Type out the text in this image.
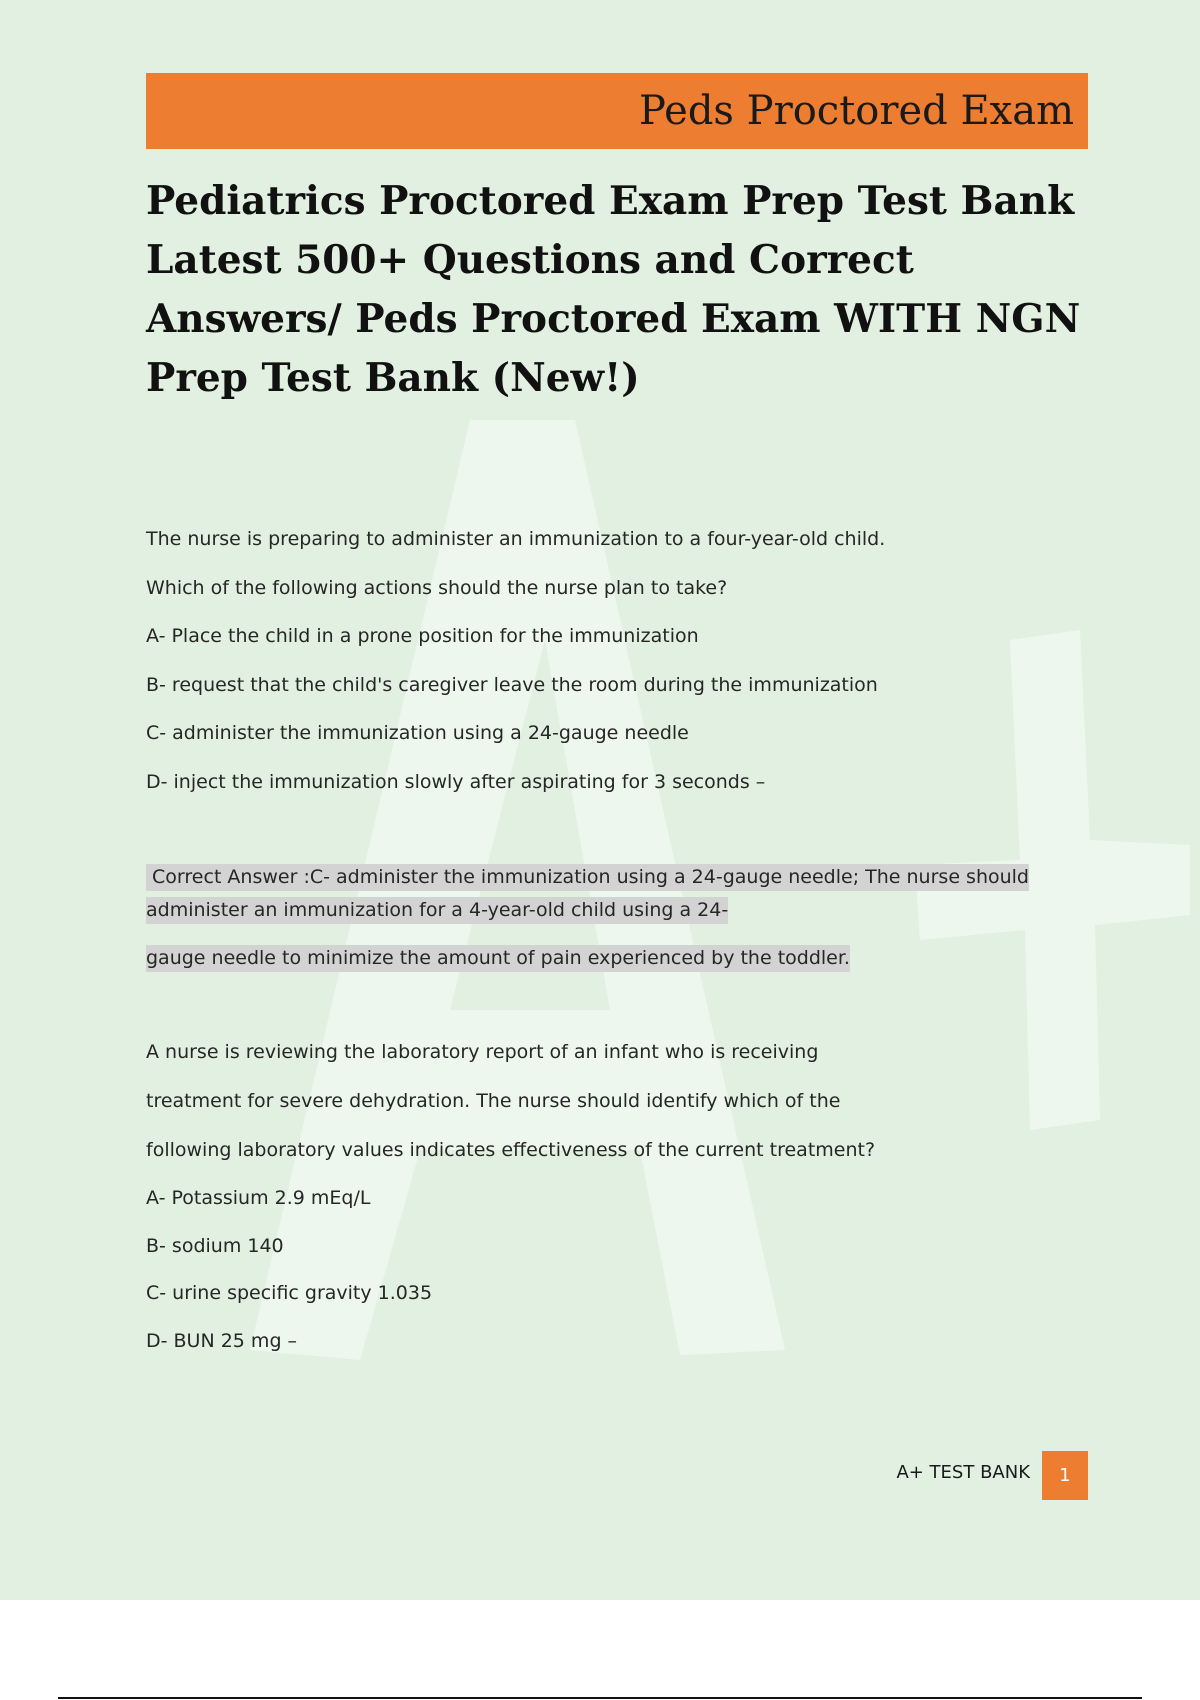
Peds Proctored Exam
Pediatrics Proctored Exam Prep Test Bank Latest 500+ Questions and Correct Answers/ Peds Proctored Exam WITH NGN Prep Test Bank (New!)
The nurse is preparing to administer an immunization to a four-year-old child.
Which of the following actions should the nurse plan to take?
A- Place the child in a prone position for the immunization
B- request that the child's caregiver leave the room during the immunization
C- administer the immunization using a 24-gauge needle
D- inject the immunization slowly after aspirating for 3 seconds –
Correct Answer :C- administer the immunization using a 24-gauge needle; The nurse should
administer an immunization for a 4-year-old child using a 24-
gauge needle to minimize the amount of pain experienced by the toddler.
A nurse is reviewing the laboratory report of an infant who is receiving
treatment for severe dehydration. The nurse should identify which of the
following laboratory values indicates effectiveness of the current treatment?
A- Potassium 2.9 mEq/L
B- sodium 140
C- urine specific gravity 1.035
D- BUN 25 mg –
A+ TEST BANK	1
